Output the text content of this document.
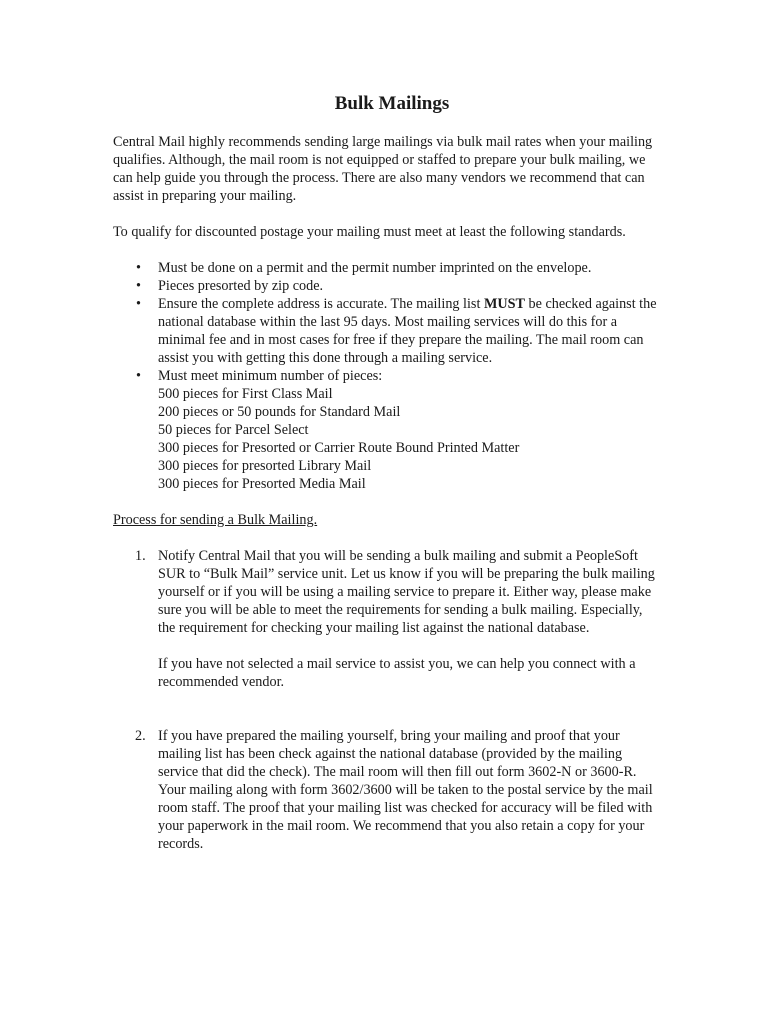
Bulk Mailings

Central Mail highly recommends sending large mailings via bulk mail rates when your mailing qualifies. Although, the mail room is not equipped or staffed to prepare your bulk mailing, we can help guide you through the process. There are also many vendors we recommend that can assist in preparing your mailing.

To qualify for discounted postage your mailing must meet at least the following standards.

• Must be done on a permit and the permit number imprinted on the envelope.
• Pieces presorted by zip code.
• Ensure the complete address is accurate. The mailing list MUST be checked against the national database within the last 95 days. Most mailing services will do this for a minimal fee and in most cases for free if they prepare the mailing. The mail room can assist you with getting this done through a mailing service.
• Must meet minimum number of pieces:
500 pieces for First Class Mail
200 pieces or 50 pounds for Standard Mail
50 pieces for Parcel Select
300 pieces for Presorted or Carrier Route Bound Printed Matter
300 pieces for presorted Library Mail
300 pieces for Presorted Media Mail

Process for sending a Bulk Mailing.

1. Notify Central Mail that you will be sending a bulk mailing and submit a PeopleSoft SUR to “Bulk Mail” service unit. Let us know if you will be preparing the bulk mailing yourself or if you will be using a mailing service to prepare it. Either way, please make sure you will be able to meet the requirements for sending a bulk mailing. Especially, the requirement for checking your mailing list against the national database.

If you have not selected a mail service to assist you, we can help you connect with a recommended vendor.

2. If you have prepared the mailing yourself, bring your mailing and proof that your mailing list has been check against the national database (provided by the mailing service that did the check). The mail room will then fill out form 3602-N or 3600-R. Your mailing along with form 3602/3600 will be taken to the postal service by the mail room staff. The proof that your mailing list was checked for accuracy will be filed with your paperwork in the mail room. We recommend that you also retain a copy for your records.
